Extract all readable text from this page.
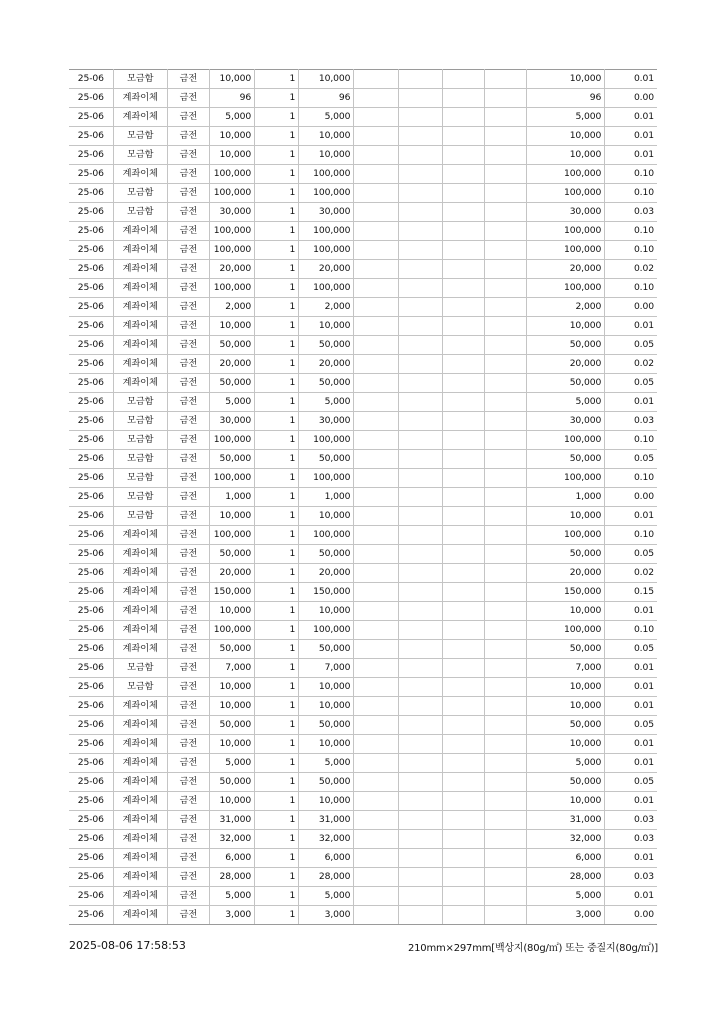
25-06	모금함	금전	10,000	1	10,000					10,000	0.01
25-06	계좌이체	금전	96	1	96					96	0.00
25-06	계좌이체	금전	5,000	1	5,000					5,000	0.01
25-06	모금함	금전	10,000	1	10,000					10,000	0.01
25-06	모금함	금전	10,000	1	10,000					10,000	0.01
25-06	계좌이체	금전	100,000	1	100,000					100,000	0.10
25-06	모금함	금전	100,000	1	100,000					100,000	0.10
25-06	모금함	금전	30,000	1	30,000					30,000	0.03
25-06	계좌이체	금전	100,000	1	100,000					100,000	0.10
25-06	계좌이체	금전	100,000	1	100,000					100,000	0.10
25-06	계좌이체	금전	20,000	1	20,000					20,000	0.02
25-06	계좌이체	금전	100,000	1	100,000					100,000	0.10
25-06	계좌이체	금전	2,000	1	2,000					2,000	0.00
25-06	계좌이체	금전	10,000	1	10,000					10,000	0.01
25-06	계좌이체	금전	50,000	1	50,000					50,000	0.05
25-06	계좌이체	금전	20,000	1	20,000					20,000	0.02
25-06	계좌이체	금전	50,000	1	50,000					50,000	0.05
25-06	모금함	금전	5,000	1	5,000					5,000	0.01
25-06	모금함	금전	30,000	1	30,000					30,000	0.03
25-06	모금함	금전	100,000	1	100,000					100,000	0.10
25-06	모금함	금전	50,000	1	50,000					50,000	0.05
25-06	모금함	금전	100,000	1	100,000					100,000	0.10
25-06	모금함	금전	1,000	1	1,000					1,000	0.00
25-06	모금함	금전	10,000	1	10,000					10,000	0.01
25-06	계좌이체	금전	100,000	1	100,000					100,000	0.10
25-06	계좌이체	금전	50,000	1	50,000					50,000	0.05
25-06	계좌이체	금전	20,000	1	20,000					20,000	0.02
25-06	계좌이체	금전	150,000	1	150,000					150,000	0.15
25-06	계좌이체	금전	10,000	1	10,000					10,000	0.01
25-06	계좌이체	금전	100,000	1	100,000					100,000	0.10
25-06	계좌이체	금전	50,000	1	50,000					50,000	0.05
25-06	모금함	금전	7,000	1	7,000					7,000	0.01
25-06	모금함	금전	10,000	1	10,000					10,000	0.01
25-06	계좌이체	금전	10,000	1	10,000					10,000	0.01
25-06	계좌이체	금전	50,000	1	50,000					50,000	0.05
25-06	계좌이체	금전	10,000	1	10,000					10,000	0.01
25-06	계좌이체	금전	5,000	1	5,000					5,000	0.01
25-06	계좌이체	금전	50,000	1	50,000					50,000	0.05
25-06	계좌이체	금전	10,000	1	10,000					10,000	0.01
25-06	계좌이체	금전	31,000	1	31,000					31,000	0.03
25-06	계좌이체	금전	32,000	1	32,000					32,000	0.03
25-06	계좌이체	금전	6,000	1	6,000					6,000	0.01
25-06	계좌이체	금전	28,000	1	28,000					28,000	0.03
25-06	계좌이체	금전	5,000	1	5,000					5,000	0.01
25-06	계좌이체	금전	3,000	1	3,000					3,000	0.00
2025-08-06 17:58:53	210mm×297mm[백상지(80g/㎡) 또는 중질지(80g/㎡)]
